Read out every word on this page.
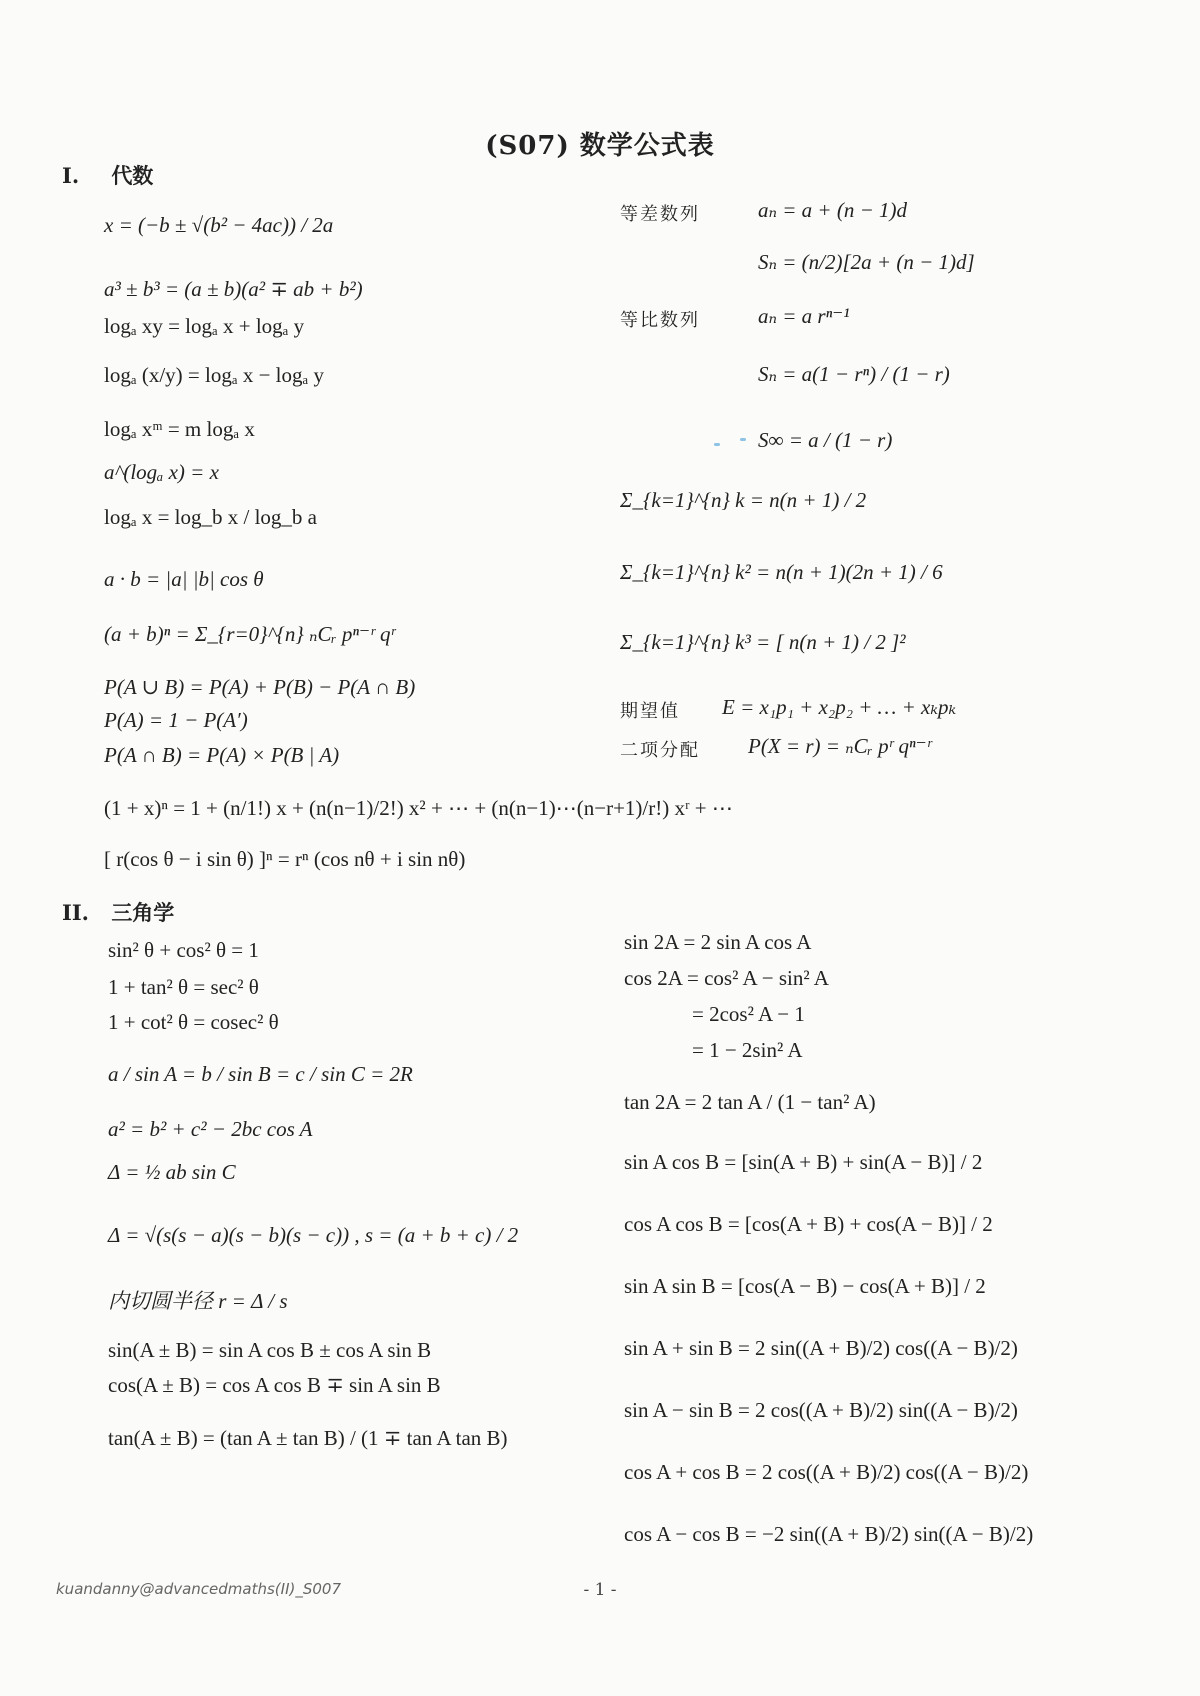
(S07) 数学公式表
I. 代数
x = (−b ± √(b² − 4ac)) / 2a
a³ ± b³ = (a ± b)(a² ∓ ab + b²)
logₐ xy = logₐ x + logₐ y
logₐ (x/y) = logₐ x − logₐ y
logₐ xᵐ = m logₐ x
a^(logₐ x) = x
logₐ x = log_b x / log_b a
a · b = |a| |b| cos θ
(a + b)ⁿ = Σ_{r=0}^{n} ₙCᵣ pⁿ⁻ʳ qʳ
P(A ∪ B) = P(A) + P(B) − P(A ∩ B)
P(A) = 1 − P(A′)
P(A ∩ B) = P(A) × P(B | A)
(1 + x)ⁿ = 1 + (n/1!) x + (n(n−1)/2!) x² + ⋯ + (n(n−1)⋯(n−r+1)/r!) xʳ + ⋯
[ r(cos θ − i sin θ) ]ⁿ = rⁿ (cos nθ + i sin nθ)
等差数列	aₙ = a + (n − 1)d
Sₙ = (n/2)[2a + (n − 1)d]
等比数列	aₙ = a rⁿ⁻¹
Sₙ = a(1 − rⁿ) / (1 − r)
S∞ = a / (1 − r)
Σ_{k=1}^{n} k = n(n + 1) / 2
Σ_{k=1}^{n} k² = n(n + 1)(2n + 1) / 6
Σ_{k=1}^{n} k³ = [ n(n + 1) / 2 ]²
期望值 E = x₁p₁ + x₂p₂ + … + xₖpₖ
二项分配 P(X = r) = ₙCᵣ pʳ qⁿ⁻ʳ
II. 三角学
sin² θ + cos² θ = 1
1 + tan² θ = sec² θ
1 + cot² θ = cosec² θ
a / sin A = b / sin B = c / sin C = 2R
a² = b² + c² − 2bc cos A
Δ = ½ ab sin C
Δ = √(s(s − a)(s − b)(s − c)) , s = (a + b + c) / 2
内切圆半径 r = Δ / s
sin(A ± B) = sin A cos B ± cos A sin B
cos(A ± B) = cos A cos B ∓ sin A sin B
tan(A ± B) = (tan A ± tan B) / (1 ∓ tan A tan B)
sin 2A = 2 sin A cos A
cos 2A = cos² A − sin² A
= 2cos² A − 1
= 1 − 2sin² A
tan 2A = 2 tan A / (1 − tan² A)
sin A cos B = [sin(A + B) + sin(A − B)] / 2
cos A cos B = [cos(A + B) + cos(A − B)] / 2
sin A sin B = [cos(A − B) − cos(A + B)] / 2
sin A + sin B = 2 sin((A + B)/2) cos((A − B)/2)
sin A − sin B = 2 cos((A + B)/2) sin((A − B)/2)
cos A + cos B = 2 cos((A + B)/2) cos((A − B)/2)
cos A − cos B = −2 sin((A + B)/2) sin((A − B)/2)
kuandanny@advancedmaths(II)_S007	- 1 -
